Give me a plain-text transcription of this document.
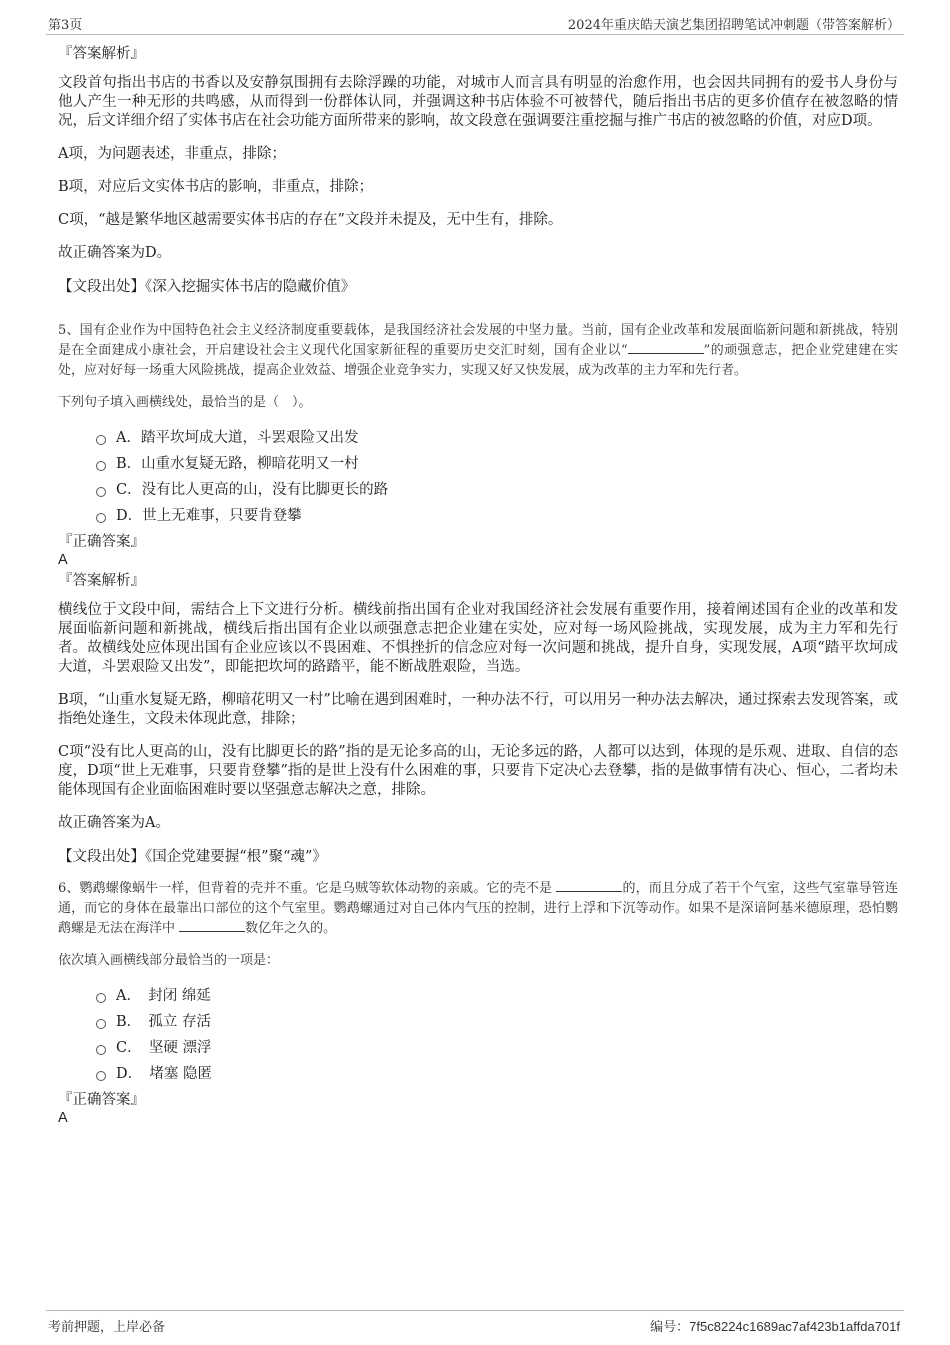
第3页	2024年重庆皓天演艺集团招聘笔试冲刺题（带答案解析）
『答案解析』
文段首句指出书店的书香以及安静氛围拥有去除浮躁的功能，对城市人而言具有明显的治愈作用，也会因共同拥有的爱书人身份与他人产生一种无形的共鸣感，从而得到一份群体认同，并强调这种书店体验不可被替代，随后指出书店的更多价值存在被忽略的情况，后文详细介绍了实体书店在社会功能方面所带来的影响，故文段意在强调要注重挖掘与推广书店的被忽略的价值，对应D项。
A项，为问题表述，非重点，排除；
B项，对应后文实体书店的影响，非重点，排除；
C项，“越是繁华地区越需要实体书店的存在”文段并未提及，无中生有，排除。
故正确答案为D。
【文段出处】《深入挖掘实体书店的隐藏价值》
5、国有企业作为中国特色社会主义经济制度重要载体，是我国经济社会发展的中坚力量。当前，国有企业改革和发展面临新问题和新挑战，特别是在全面建成小康社会，开启建设社会主义现代化国家新征程的重要历史交汇时刻，国有企业以“	”的顽强意志，把企业党建建在实处，应对好每一场重大风险挑战，提高企业效益、增强企业竞争实力，实现又好又快发展，成为改革的主力军和先行者。
下列句子填入画横线处，最恰当的是（　）。
A．踏平坎坷成大道，斗罢艰险又出发
B．山重水复疑无路，柳暗花明又一村
C．没有比人更高的山，没有比脚更长的路
D．世上无难事，只要肯登攀
『正确答案』
A
『答案解析』
横线位于文段中间，需结合上下文进行分析。横线前指出国有企业对我国经济社会发展有重要作用，接着阐述国有企业的改革和发展面临新问题和新挑战，横线后指出国有企业以顽强意志把企业建在实处，应对每一场风险挑战，实现发展，成为主力军和先行者。故横线处应体现出国有企业应该以不畏困难、不惧挫折的信念应对每一次问题和挑战，提升自身，实现发展，A项“踏平坎坷成大道，斗罢艰险又出发”，即能把坎坷的路踏平，能不断战胜艰险，当选。
B项，“山重水复疑无路，柳暗花明又一村”比喻在遇到困难时，一种办法不行，可以用另一种办法去解决，通过探索去发现答案，或指绝处逢生，文段未体现此意，排除；
C项“没有比人更高的山，没有比脚更长的路”指的是无论多高的山，无论多远的路，人都可以达到，体现的是乐观、进取、自信的态度，D项“世上无难事，只要肯登攀”指的是世上没有什么困难的事，只要肯下定决心去登攀，指的是做事情有决心、恒心，二者均未能体现国有企业面临困难时要以坚强意志解决之意，排除。
故正确答案为A。
【文段出处】《国企党建要握“根”聚“魂”》
6、鹦鹉螺像蜗牛一样，但背着的壳并不重。它是乌贼等软体动物的亲戚。它的壳不是	的，而且分成了若干个气室，这些气室靠导管连通，而它的身体在最靠出口部位的这个气室里。鹦鹉螺通过对自己体内气压的控制，进行上浮和下沉等动作。如果不是深谙阿基米德原理，恐怕鹦鹉螺是无法在海洋中	数亿年之久的。
依次填入画横线部分最恰当的一项是：
A．　封闭 绵延
B．　孤立 存活
C．　坚硬 漂浮
D．　堵塞 隐匿
『正确答案』
A
考前押题，上岸必备	编号：7f5c8224c1689ac7af423b1affda701f
